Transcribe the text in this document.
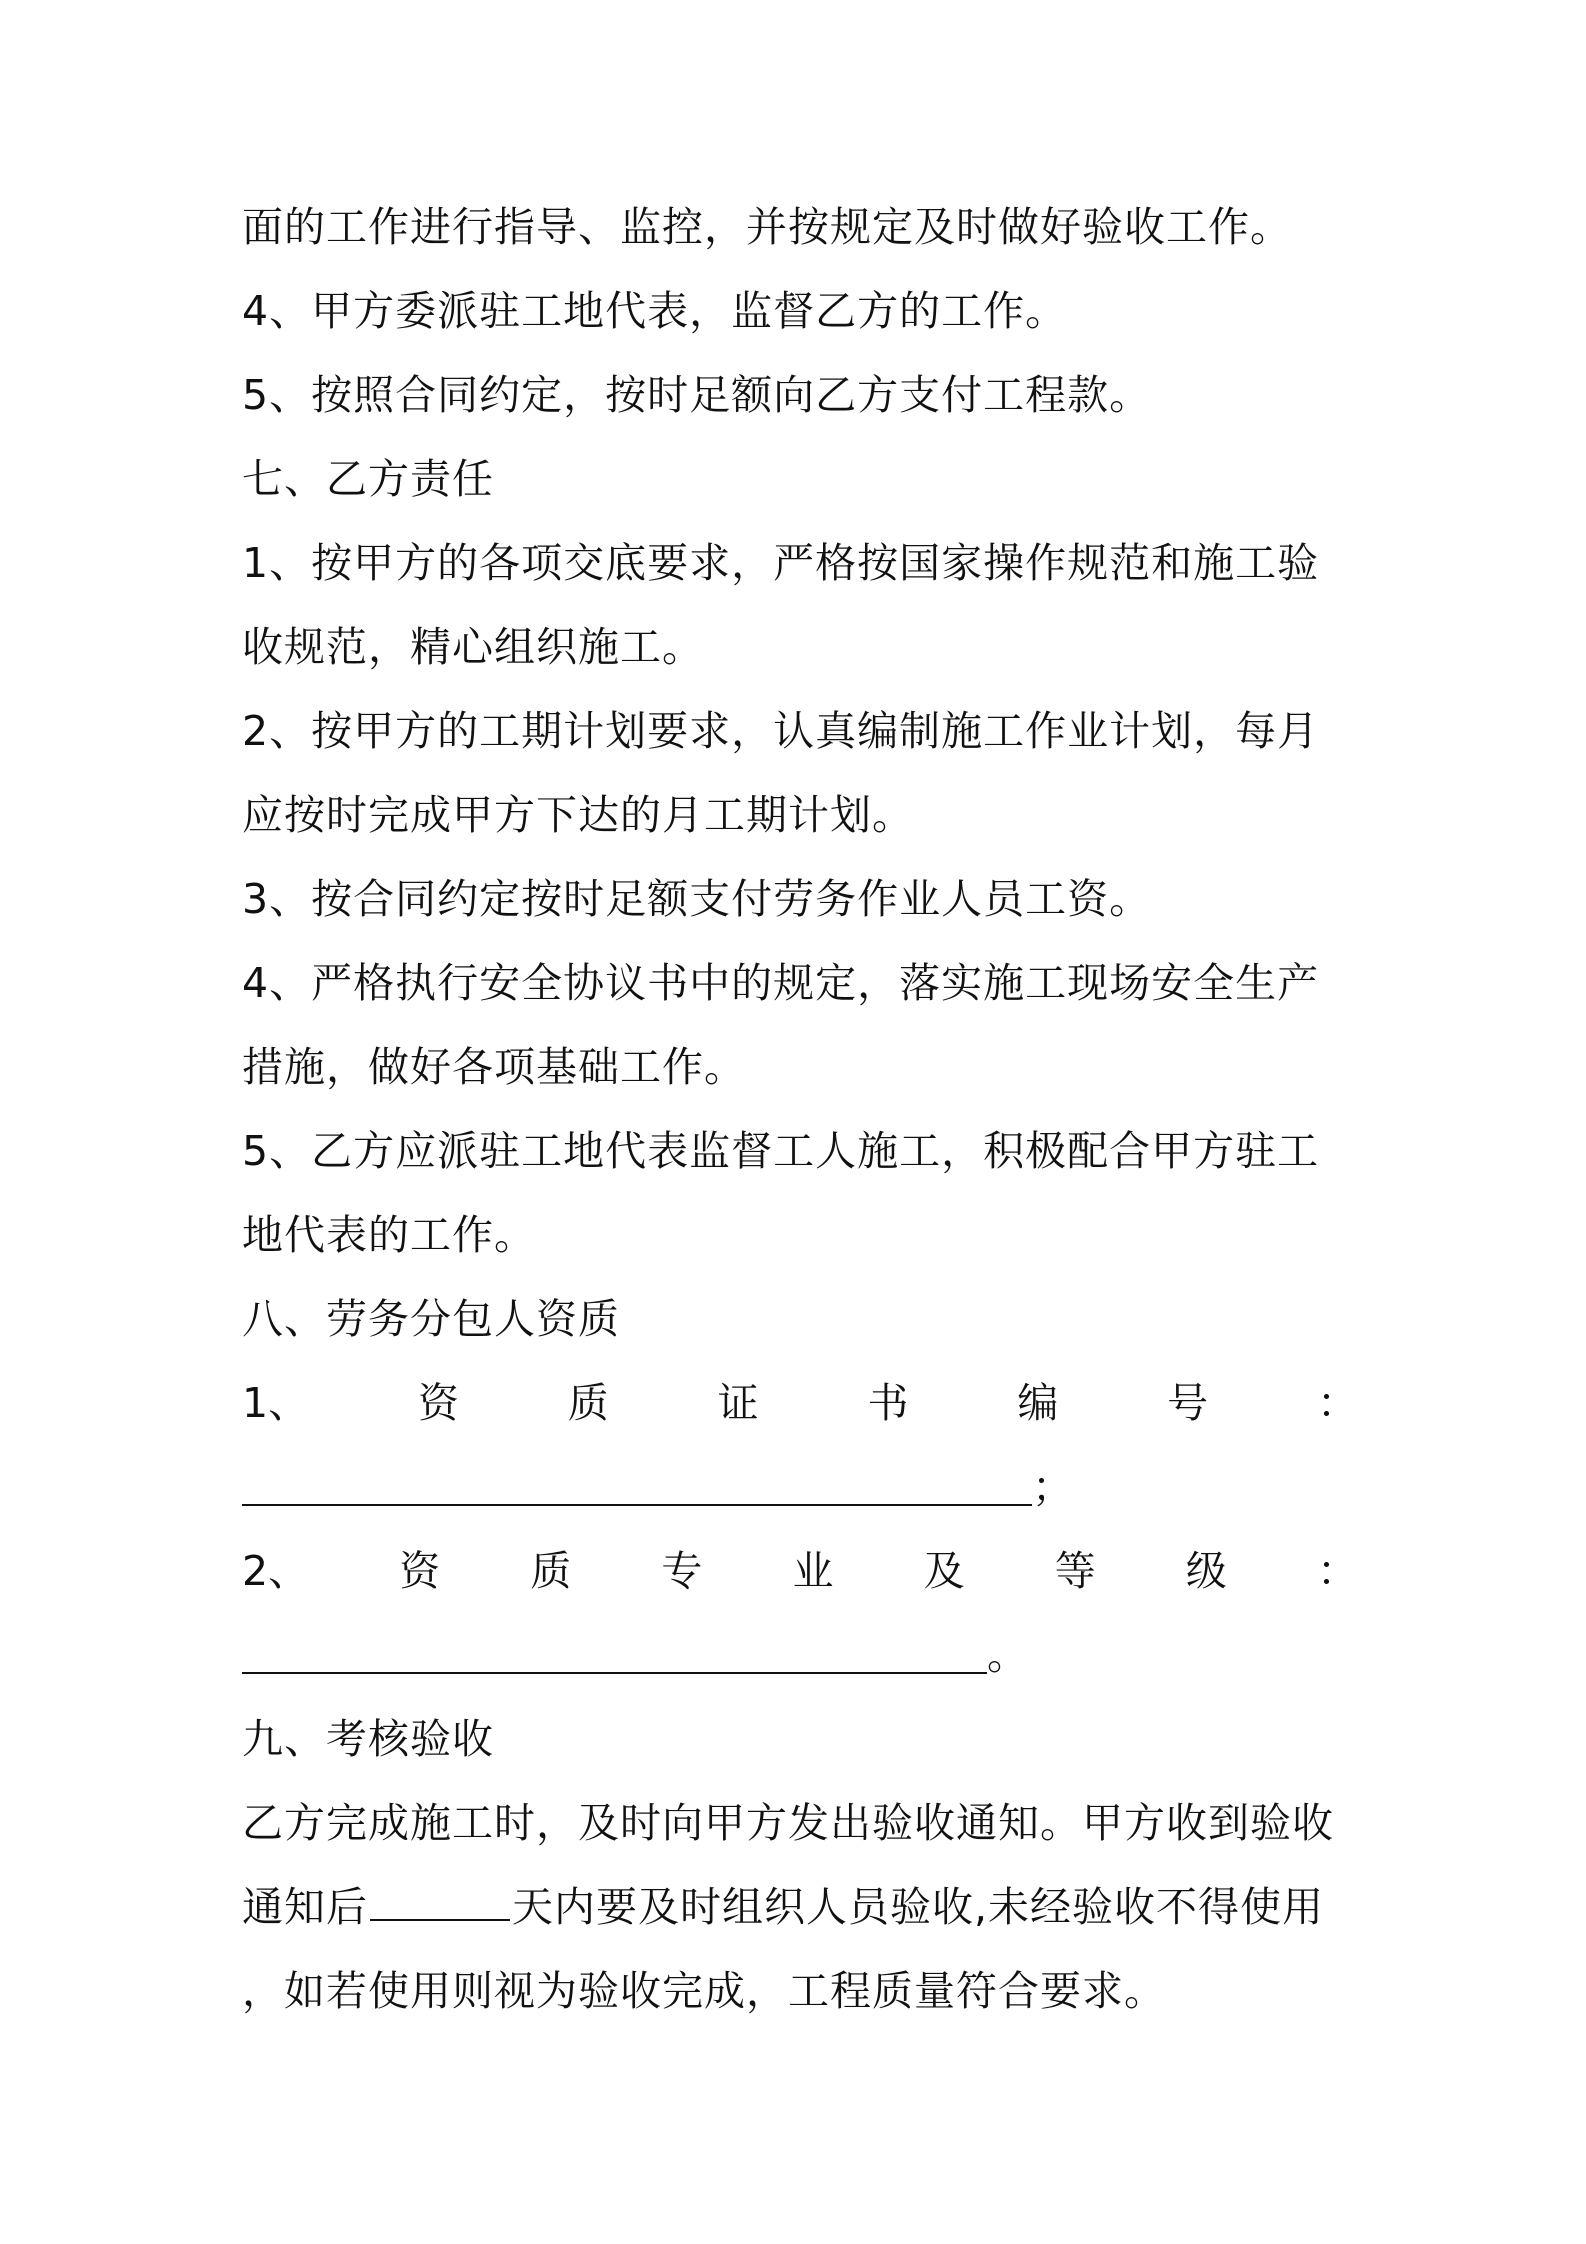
面的工作进行指导、监控，并按规定及时做好验收工作。
4、甲方委派驻工地代表，监督乙方的工作。
5、按照合同约定，按时足额向乙方支付工程款。
七、乙方责任
1、按甲方的各项交底要求，严格按国家操作规范和施工验
收规范，精心组织施工。
2、按甲方的工期计划要求，认真编制施工作业计划，每月
应按时完成甲方下达的月工期计划。
3、按合同约定按时足额支付劳务作业人员工资。
4、严格执行安全协议书中的规定，落实施工现场安全生产
措施，做好各项基础工作。
5、乙方应派驻工地代表监督工人施工，积极配合甲方驻工
地代表的工作。
八、劳务分包人资质
1、	资	质	证	书	编	号	：
；
2、 资 质 专 业 及 等 级 ：
。
九、考核验收
乙方完成施工时，及时向甲方发出验收通知。甲方收到验收
通知后	天内要及时组织人员验收,未经验收不得使用
，如若使用则视为验收完成，工程质量符合要求。
